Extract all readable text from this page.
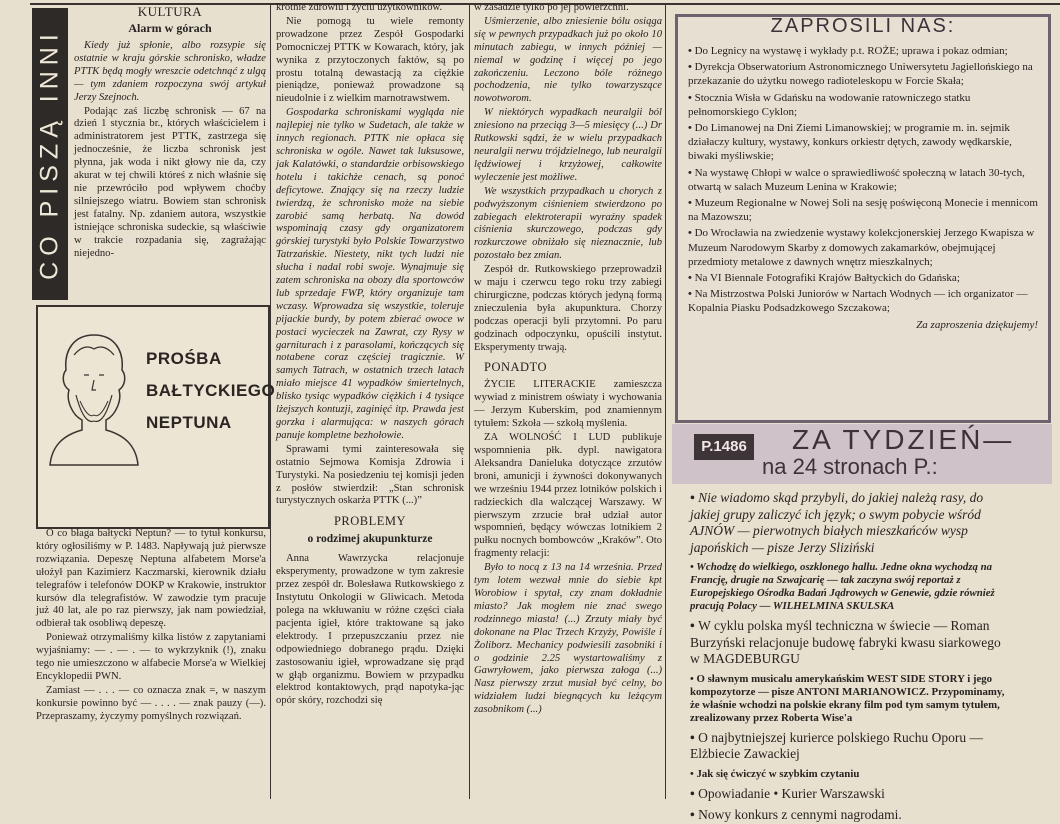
CO PISZĄ INNI
KULTURA
Alarm w górach

Kiedy już spłonie, albo rozsypie się ostatnie w kraju górskie schronisko, władze PTTK będą mogły wreszcie odetchnąć z ulgą — tym zdaniem rozpoczyna swój artykuł Jerzy Szejnoch.

Podając zaś liczbę schronisk — 67 na dzień 1 stycznia br., których właścicielem i administratorem jest PTTK, zastrzega się jednocześnie, że liczba schronisk jest płynna, jak woda i nikt głowy nie da, czy akurat w tej chwili któreś z nich właśnie się nie przewróciło pod wpływem choćby silniejszego wiatru. Bowiem stan schronisk jest fatalny. Np. zdaniem autora, wszystkie istniejące schroniska sudeckie, są właściwie w trakcie rozpadania się, zagrażając niejedno-

PROŚBA
BAŁTYCKIEGO
NEPTUNA

O co błaga bałtycki Neptun? — to tytuł konkursu, który ogłosiliśmy w P. 1483. Napływają już pierwsze rozwiązania. Depeszę Neptuna alfabetem Morse'a ułożył pan Kazimierz Kaczmarski, kierownik działu telegrafów i telefonów DOKP w Krakowie, instruktor kursów dla telegrafistów. W zawodzie tym pracuje już 40 lat, ale po raz pierwszy, jak nam powiedział, odbierał tak osobliwą depeszę.

Ponieważ otrzymaliśmy kilka listów z zapytaniami wyjaśniamy: — . — . — to wykrzyknik (!), znaku tego nie umieszczono w alfabecie Morse'a w Wielkiej Encyklopedii PWN.

Zamiast — . . . — co oznacza znak =, w naszym konkursie powinno być — . . . . — znak pauzy (—). Przepraszamy, życzymy pomyślnych rozwiązań.

krotnie zdrowiu i życiu użytkowników.

Nie pomogą tu wiele remonty prowadzone przez Zespół Gospodarki Pomocniczej PTTK w Kowarach, który, jak wynika z przytoczonych faktów, są po prostu totalną dewastacją za ciężkie pieniądze, ponieważ prowadzone są nieudolnie i z wielkim marnotrawstwem.

Gospodarka schroniskami wygląda nie najlepiej nie tylko w Sudetach, ale także w innych regionach. PTTK nie opłaca się schroniska w ogóle. Nawet tak luksusowe, jak Kalatówki, o standardzie orbisowskiego hotelu i takichże cenach, są ponoć deficytowe. Znający się na rzeczy ludzie twierdzą, że schronisko może na siebie zarobić samą herbatą. Na dowód wspominają czasy gdy organizatorem górskiej turystyki było Polskie Towarzystwo Tatrzańskie. Niestety, nikt tych ludzi nie słucha i nadal robi swoje. Wynajmuje się zatem schroniska na obozy dla sportowców lub sprzedaje FWP, który organizuje tam wczasy. Wprowadza się wszystkie, toleruje pijackie burdy, by potem zbierać owoce w postaci wycieczek na Zawrat, czy Rysy w garniturach i z parasolami, kończących się notabene coraz częściej tragicznie. W samych Tatrach, w ostatnich trzech latach miało miejsce 41 wypadków śmiertelnych, blisko tysiąc wypadków ciężkich i 4 tysiące lżejszych kontuzji, zaginięć itp. Prawda jest gorzka i alarmująca: w naszych górach panuje kompletne bezhołowie.

Sprawami tymi zainteresowała się ostatnio Sejmowa Komisja Zdrowia i Turystyki. Na posiedzeniu tej komisji jeden z posłów stwierdził: „Stan schronisk turystycznych oskarża PTTK (...)”

PROBLEMY
o rodzimej akupunkturze

Anna Wawrzycka relacjonuje eksperymenty, prowadzone w tym zakresie przez zespół dr. Bolesława Rutkowskiego z Instytutu Onkologii w Gliwicach. Metoda polega na wkłuwaniu w różne części ciała pacjenta igieł, które traktowane są jako elektrody. I przepuszczaniu przez nie odpowiedniego dobranego prądu. Dzięki zastosowaniu igieł, wprowadzane się prąd w głąb organizmu. Bowiem w przypadku elektrod kontaktowych, prąd napotyka-jąc opór skóry, rozchodzi się

w zasadzie tylko po jej powierzchni.

Uśmierzenie, albo zniesienie bólu osiąga się w pewnych przypadkach już po około 10 minutach zabiegu, w innych później — niemal w godzinę i więcej po jego zakończeniu. Leczono bóle różnego pochodzenia, nie tylko towarzyszące nowotworom.

W niektórych wypadkach neuralgii ból zniesiono na przeciąg 3—5 miesięcy (...) Dr Rutkowski sądzi, że w wielu przypadkach neuralgii nerwu trójdzielnego, lub neuralgii lędźwiowej i krzyżowej, całkowite wyleczenie jest możliwe.

We wszystkich przypadkach u chorych z podwyższonym ciśnieniem stwierdzono po zabiegach elektroterapii wyraźny spadek ciśnienia skurczowego, podczas gdy rozkurczowe obniżało się nieznacznie, lub pozostało bez zmian.

Zespół dr. Rutkowskiego przeprowadził w maju i czerwcu tego roku trzy zabiegi chirurgiczne, podczas których jedyną formą znieczulenia była akupunktura. Chorzy podczas operacji byli przytomni. Po paru godzinach odpoczynku, opuścili instytut. Eksperymenty trwają.

PONADTO

ŻYCIE LITERACKIE zamieszcza wywiad z ministrem oświaty i wychowania — Jerzym Kuberskim, pod znamiennym tytułem: Szkoła — szkołą myślenia.

ZA WOLNOŚĆ I LUD publikuje wspomnienia płk. dypl. nawigatora Aleksandra Danieluka dotyczące zrzutów broni, amunicji i żywności dokonywanych we wrześniu 1944 przez lotników polskich i radzieckich dla walczącej Warszawy. W pierwszym zrzucie brał udział autor wspomnień, będący wówczas lotnikiem 2 pułku nocnych bombowców „Kraków”. Oto fragmenty relacji:

Było to nocą z 13 na 14 września. Przed tym lotem wezwał mnie do siebie kpt Worobiow i spytał, czy znam dokładnie miasto? Jak mogłem nie znać swego rodzinnego miasta! (...) Zrzuty miały być dokonane na Plac Trzech Krzyży, Powiśle i Żoliborz. Mechanicy podwiesili zasobniki i o godzinie 2.25 wystartowaliśmy z Gawryłowem, jako pierwsza załoga (...) Nasz pierwszy zrzut musiał być celny, bo widziałem ludzi biegnących ku leżącym zasobnikom (...)

ZAPROSILI NAS:

• Do Legnicy na wystawę i wykłady p.t. ROŻE; uprawa i pokaz odmian;

• Dyrekcja Obserwatorium Astronomicznego Uniwersytetu Jagiellońskiego na przekazanie do użytku nowego radioteleskopu w Forcie Skała;

• Stocznia Wisła w Gdańsku na wodowanie ratowniczego statku pełnomorskiego Cyklon;

• Do Limanowej na Dni Ziemi Limanowskiej; w programie m. in. sejmik działaczy kultury, wystawy, konkurs orkiestr dętych, zawody wędkarskie, biwaki myśliwskie;

• Na wystawę Chłopi w walce o sprawiedliwość społeczną w latach 30-tych, otwartą w salach Muzeum Lenina w Krakowie;

• Muzeum Regionalne w Nowej Soli na sesję poświęconą Monecie i mennicom na Mazowszu;

• Do Wrocławia na zwiedzenie wystawy kolekcjonerskiej Jerzego Kwapisza w Muzeum Narodowym Skarby z domowych zakamarków, obejmującej przedmioty metalowe z dawnych wnętrz mieszkalnych;

• Na VI Biennale Fotografiki Krajów Bałtyckich do Gdańska;

• Na Mistrzostwa Polski Juniorów w Nartach Wodnych — ich organizator — Kopalnia Piasku Podsadzkowego Szczakowa;

Za zaproszenia dziękujemy!

P.1486 ZA TYDZIEŃ—
na 24 stronach P.:

• Nie wiadomo skąd przybyli, do jakiej należą rasy, do jakiej grupy zaliczyć ich język; o swym pobycie wśród AJNÓW — pierwotnych białych mieszkańców wysp japońskich — pisze Jerzy Sliziński

• Wchodzę do wielkiego, oszklonego hallu. Jedne okna wychodzą na Francję, drugie na Szwajcarię — tak zaczyna swój reportaż z Europejskiego Ośrodka Badań Jądrowych w Genewie, gdzie również pracują Polacy — WILHELMINA SKULSKA

• W cyklu polska myśl techniczna w świecie — Roman Burzyński relacjonuje budowę fabryki kwasu siarkowego w MAGDEBURGU

• O sławnym musicalu amerykańskim WEST SIDE STORY i jego kompozytorze — pisze ANTONI MARIANOWICZ. Przypominamy, że właśnie wchodzi na polskie ekrany film pod tym samym tytułem, zrealizowany przez Roberta Wise'a

• O najbytniejszej kurierce polskiego Ruchu Oporu — Elżbiecie Zawackiej

• Jak się ćwiczyć w szybkim czytaniu

• Opowiadanie • Kurier Warszawski

• Nowy konkurs z cennymi nagrodami.
